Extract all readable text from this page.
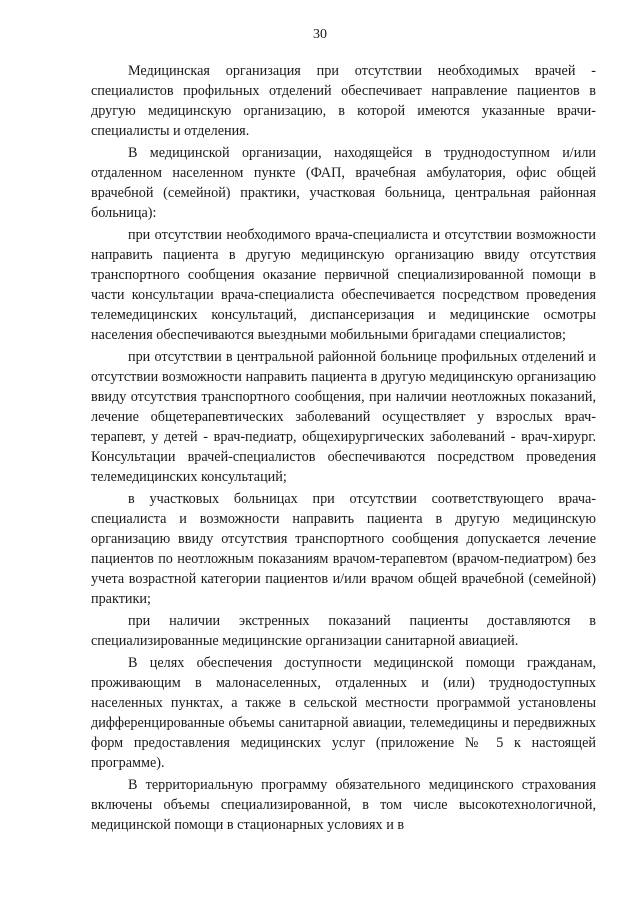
30

Медицинская организация при отсутствии необходимых врачей - специалистов профильных отделений обеспечивает направление пациентов в другую медицинскую организацию, в которой имеются указанные врачи-специалисты и отделения.

В медицинской организации, находящейся в труднодоступном и/или отдаленном населенном пункте (ФАП, врачебная амбулатория, офис общей врачебной (семейной) практики, участковая больница, центральная районная больница):

при отсутствии необходимого врача-специалиста и отсутствии возможности направить пациента в другую медицинскую организацию ввиду отсутствия транспортного сообщения оказание первичной специализированной помощи в части консультации врача-специалиста обеспечивается посредством проведения телемедицинских консультаций, диспансеризация и медицинские осмотры населения обеспечиваются выездными мобильными бригадами специалистов;

при отсутствии в центральной районной больнице профильных отделений и отсутствии возможности направить пациента в другую медицинскую организацию ввиду отсутствия транспортного сообщения, при наличии неотложных показаний, лечение общетерапевтических заболеваний осуществляет у взрослых врач-терапевт, у детей - врач-педиатр, общехирургических заболеваний - врач-хирург. Консультации врачей-специалистов обеспечиваются посредством проведения телемедицинских консультаций;

в участковых больницах при отсутствии соответствующего врача-специалиста и возможности направить пациента в другую медицинскую организацию ввиду отсутствия транспортного сообщения допускается лечение пациентов по неотложным показаниям врачом-терапевтом (врачом-педиатром) без учета возрастной категории пациентов и/или врачом общей врачебной (семейной) практики;

при наличии экстренных показаний пациенты доставляются в специализированные медицинские организации санитарной авиацией.

В целях обеспечения доступности медицинской помощи гражданам, проживающим в малонаселенных, отдаленных и (или) труднодоступных населенных пунктах, а также в сельской местности программой установлены дифференцированные объемы санитарной авиации, телемедицины и передвижных форм предоставления медицинских услуг (приложение № 5 к настоящей программе).

В территориальную программу обязательного медицинского страхования включены объемы специализированной, в том числе высокотехнологичной, медицинской помощи в стационарных условиях и в
